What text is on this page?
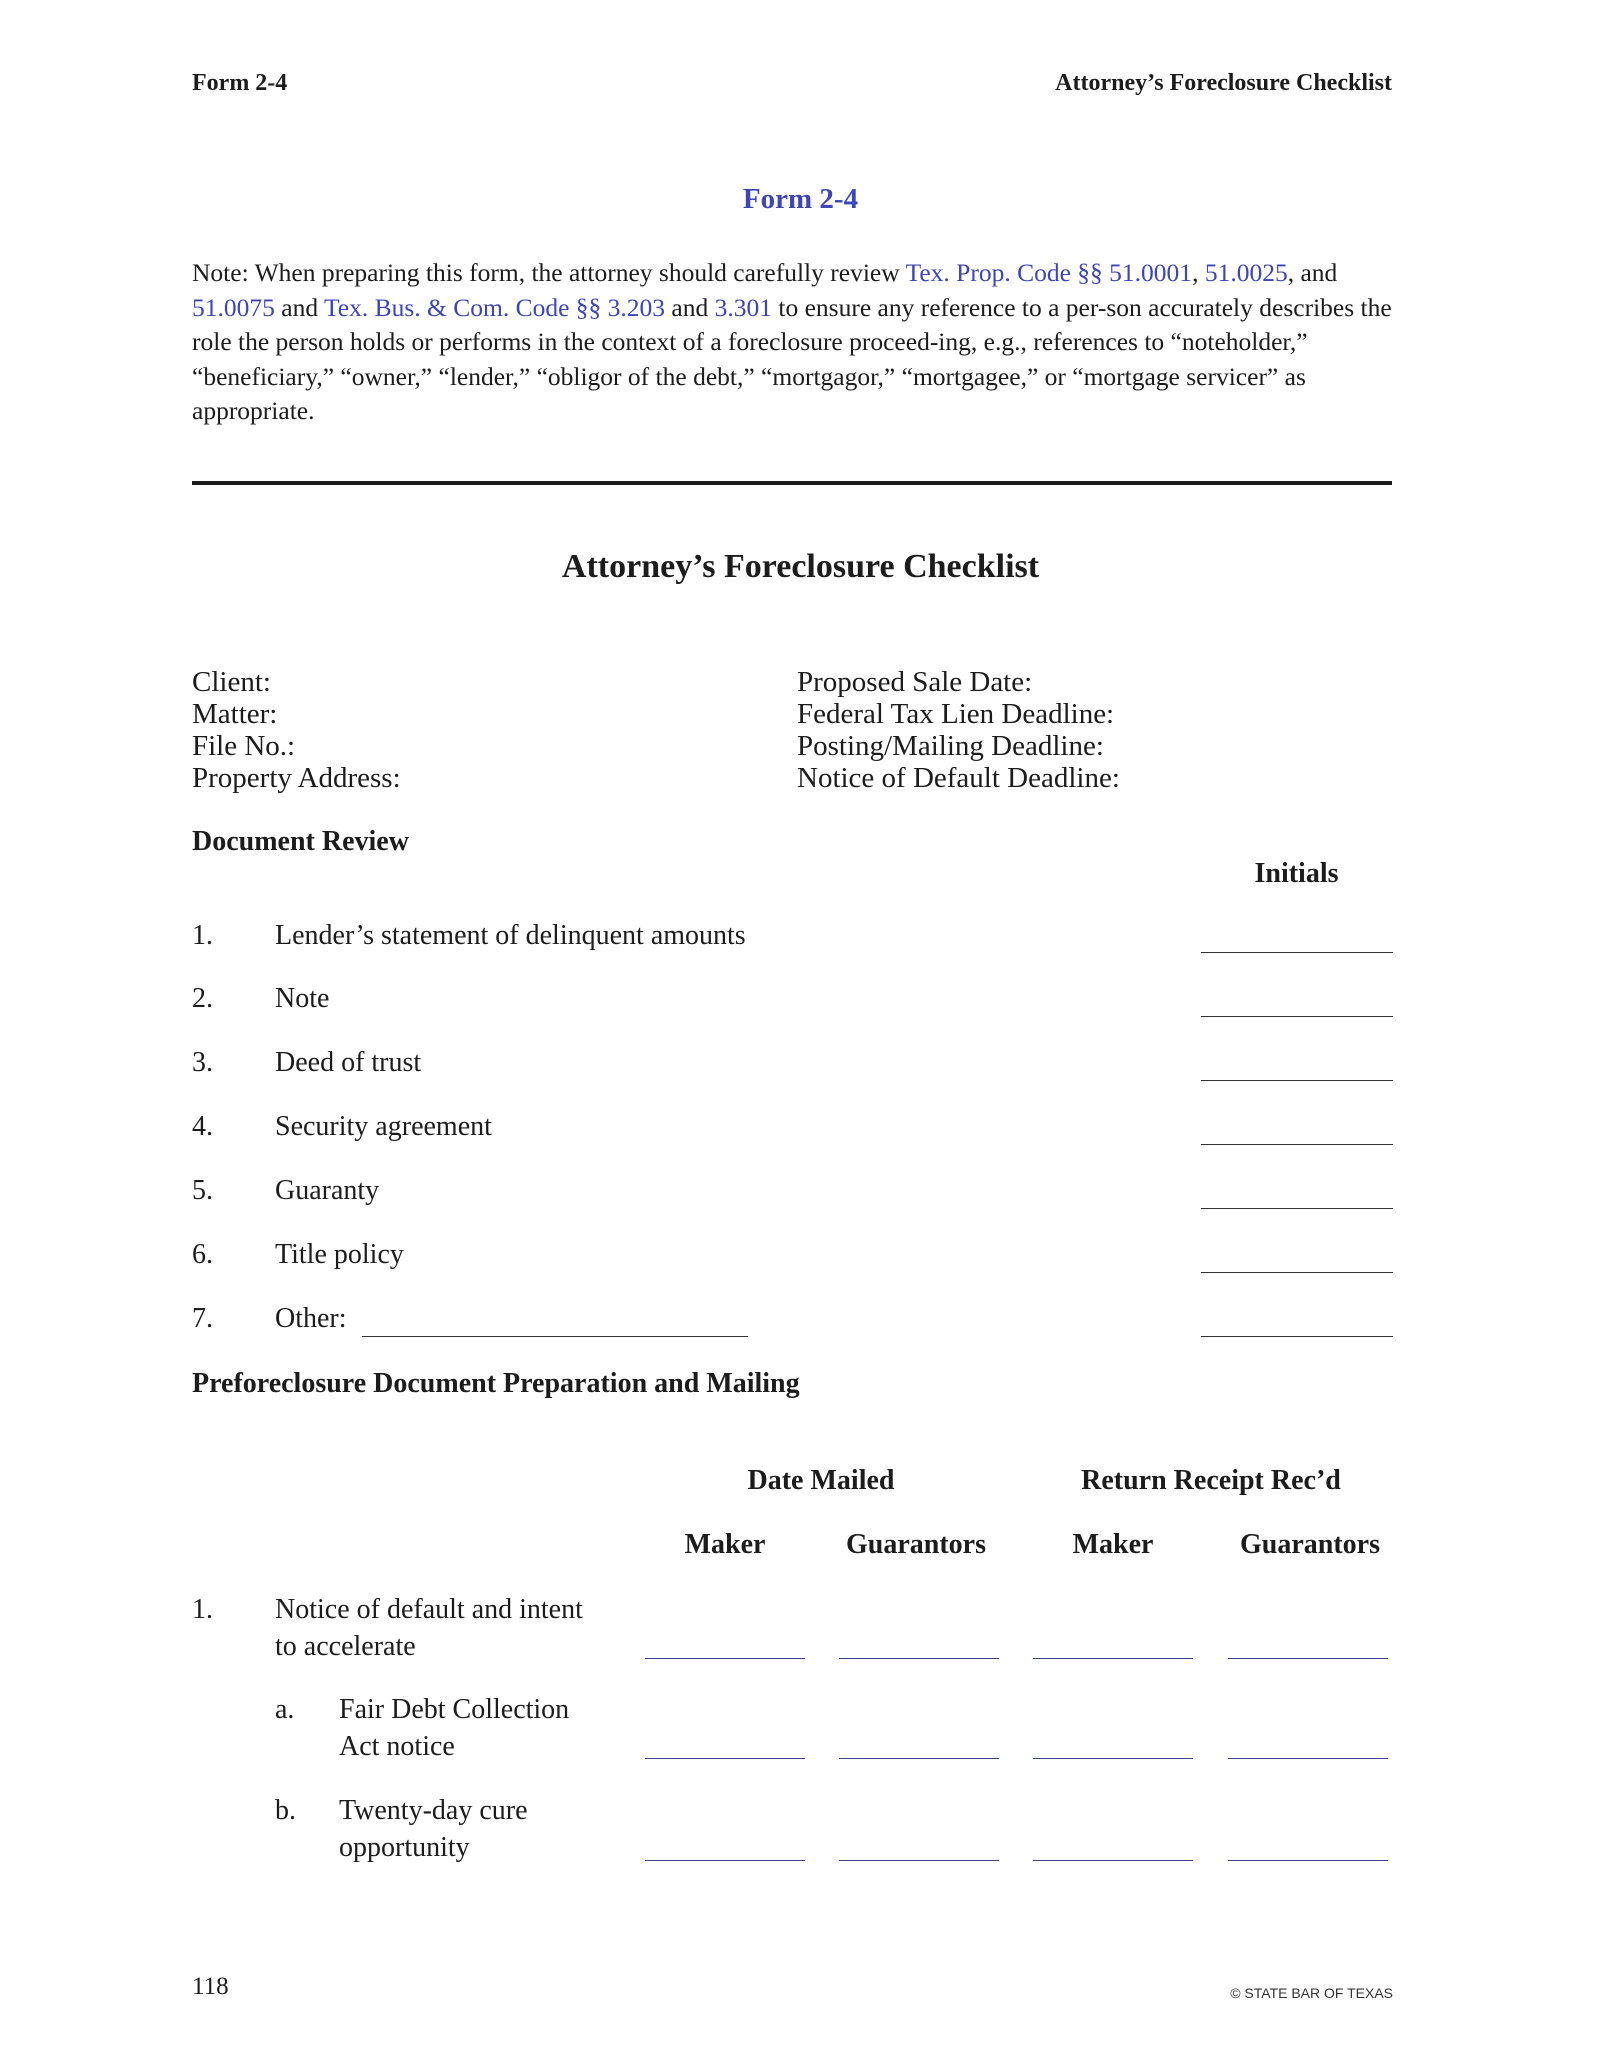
Form 2-4	Attorney’s Foreclosure Checklist
Form 2-4
Note: When preparing this form, the attorney should carefully review Tex. Prop. Code §§ 51.0001, 51.0025, and 51.0075 and Tex. Bus. & Com. Code §§ 3.203 and 3.301 to ensure any reference to a per-son accurately describes the role the person holds or performs in the context of a foreclosure proceed-ing, e.g., references to “noteholder,” “beneficiary,” “owner,” “lender,” “obligor of the debt,” “mortgagor,” “mortgagee,” or “mortgage servicer” as appropriate.
Attorney’s Foreclosure Checklist
Client:
Matter:
File No.:
Property Address:
Proposed Sale Date:
Federal Tax Lien Deadline:
Posting/Mailing Deadline:
Notice of Default Deadline:
Document Review
Initials
1. Lender’s statement of delinquent amounts
2. Note
3. Deed of trust
4. Security agreement
5. Guaranty
6. Title policy
7. Other:
Preforeclosure Document Preparation and Mailing
Date Mailed	Return Receipt Rec’d
Maker	Guarantors	Maker	Guarantors
1. Notice of default and intent
to accelerate
a. Fair Debt Collection
Act notice
b. Twenty-day cure
opportunity
118	© STATE BAR OF TEXAS
